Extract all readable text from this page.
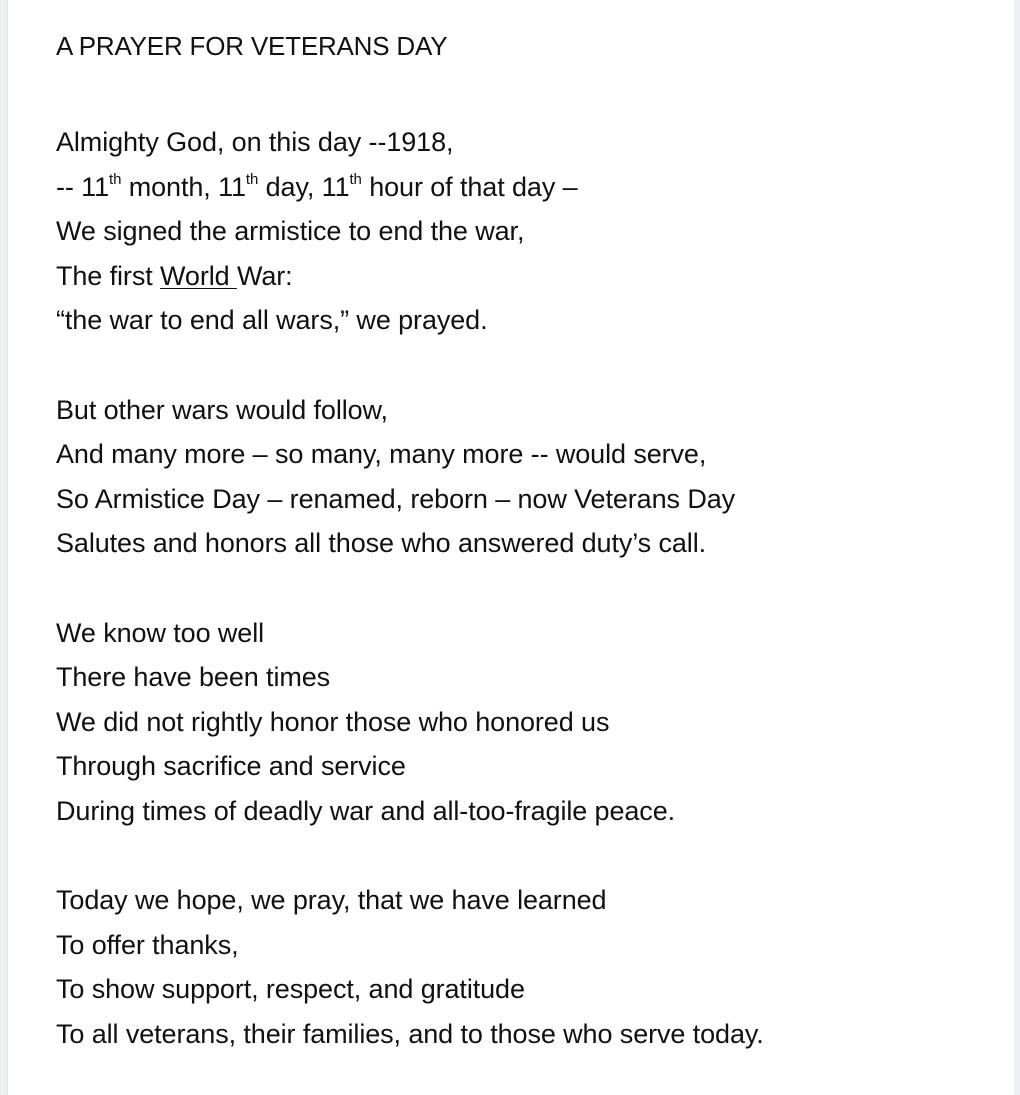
A PRAYER FOR VETERANS DAY
Almighty God, on this day --1918,
-- 11th month, 11th day, 11th hour of that day –
We signed the armistice to end the war,
The first World War:
“the war to end all wars,” we prayed.
But other wars would follow,
And many more – so many, many more -- would serve,
So Armistice Day – renamed, reborn – now Veterans Day
Salutes and honors all those who answered duty’s call.
We know too well
There have been times
We did not rightly honor those who honored us
Through sacrifice and service
During times of deadly war and all-too-fragile peace.
Today we hope, we pray, that we have learned
To offer thanks,
To show support, respect, and gratitude
To all veterans, their families, and to those who serve today.
